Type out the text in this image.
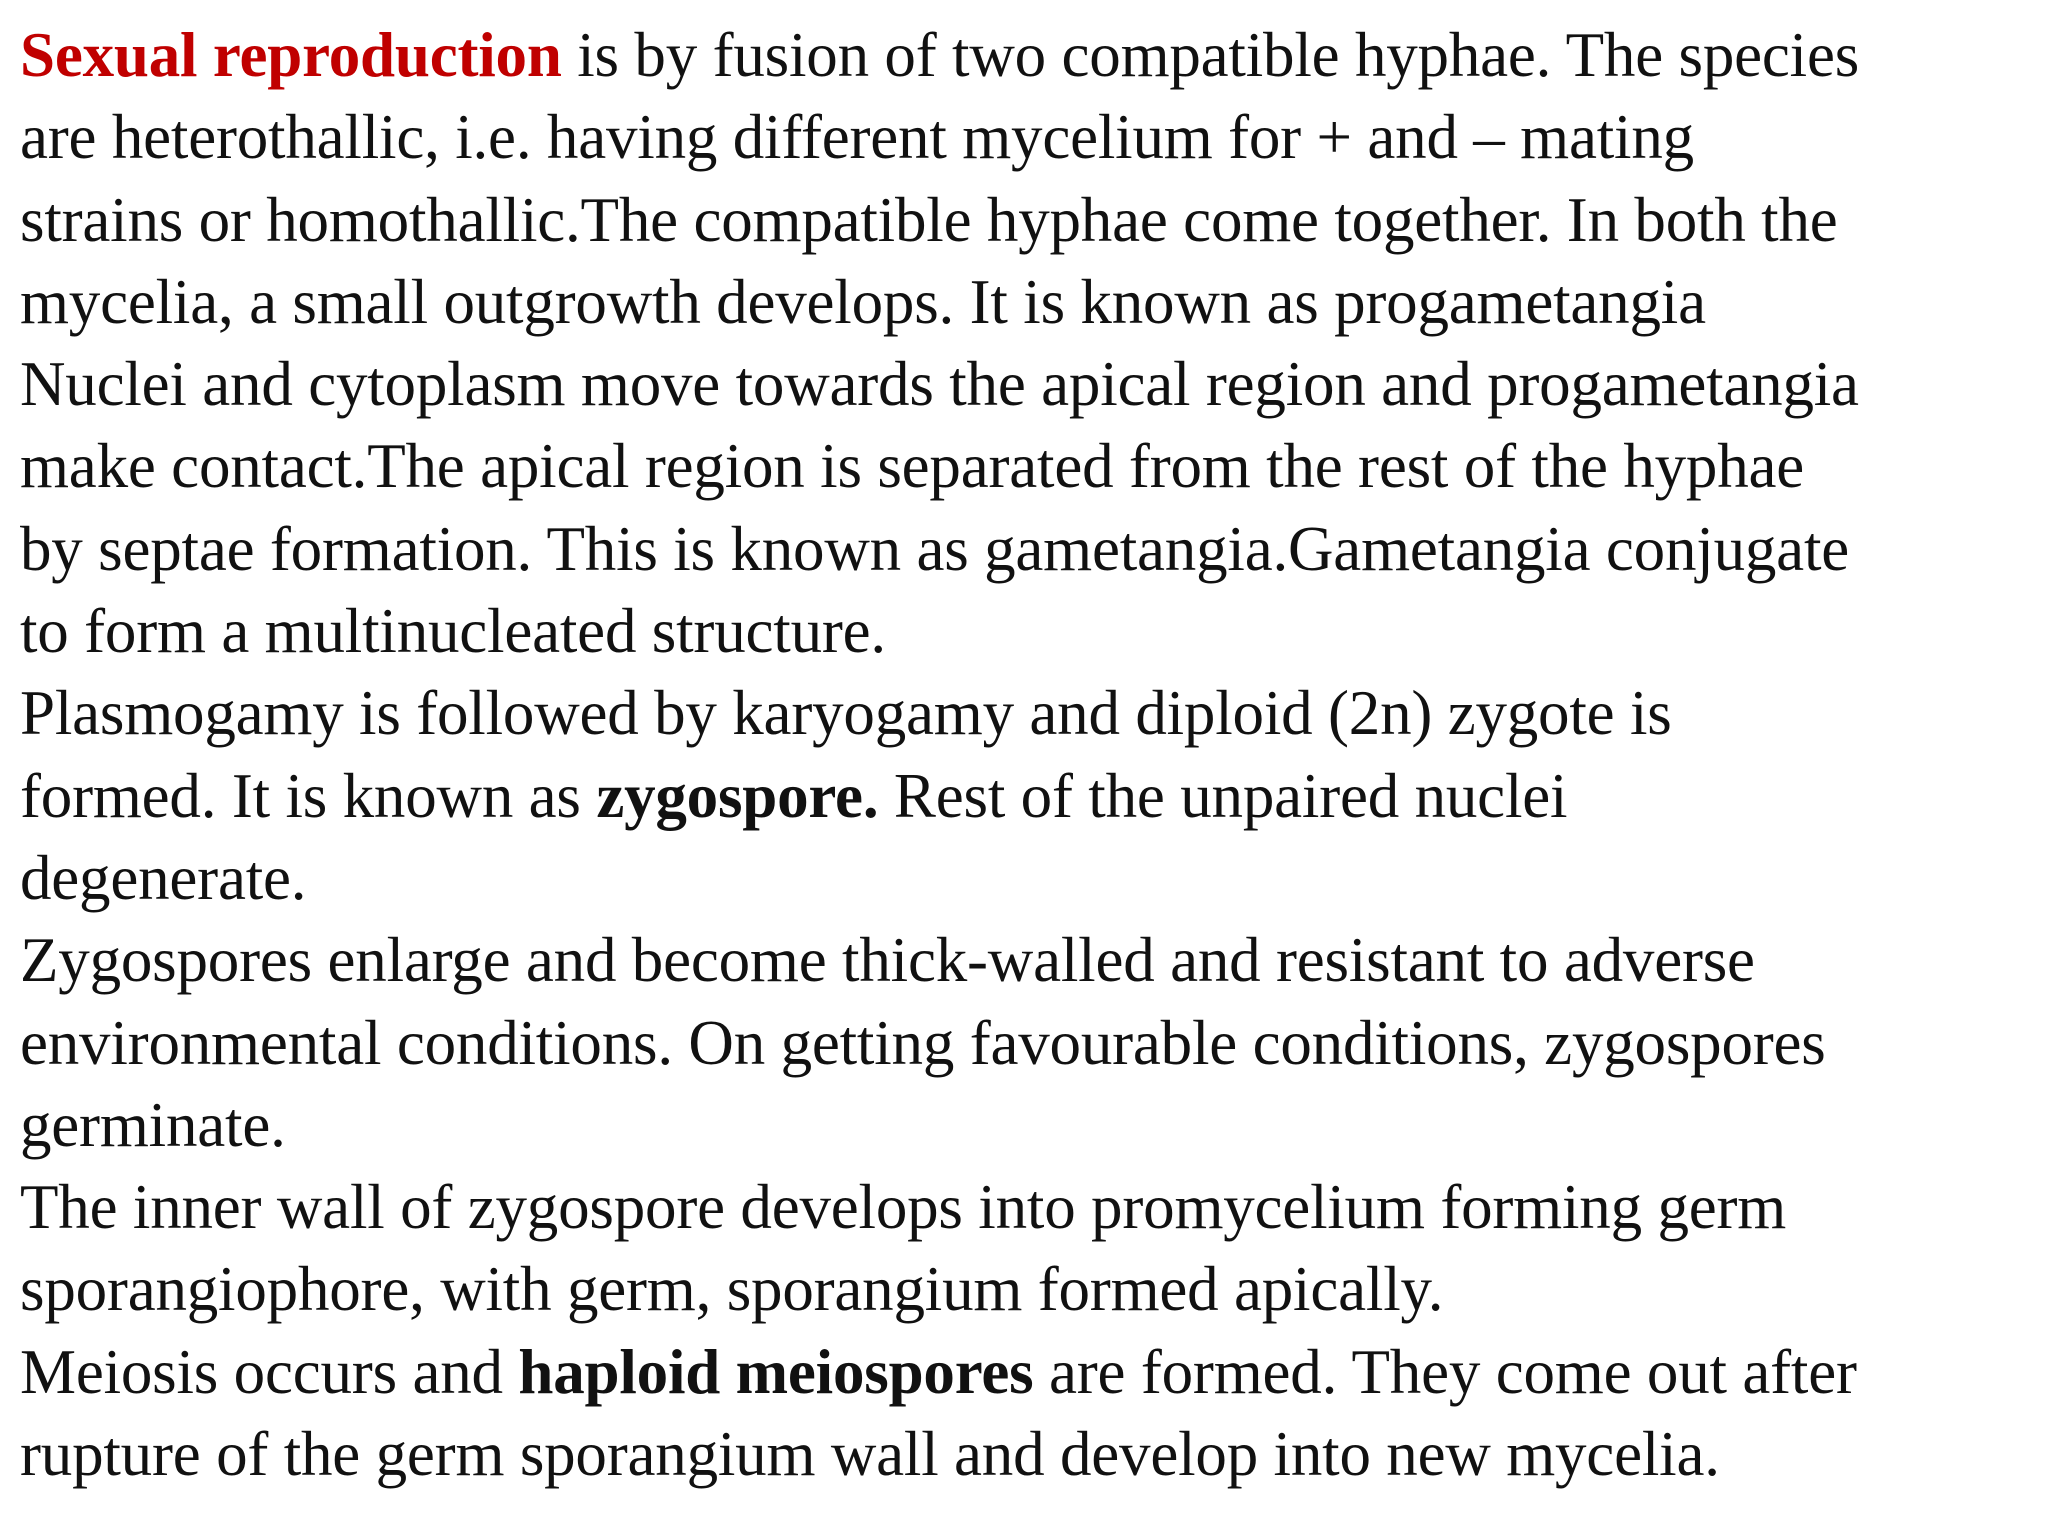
Sexual reproduction is by fusion of two compatible hyphae. The species
are heterothallic, i.e. having different mycelium for + and – mating
strains or homothallic.The compatible hyphae come together. In both the
mycelia, a small outgrowth develops. It is known as progametangia
Nuclei and cytoplasm move towards the apical region and progametangia
make contact.The apical region is separated from the rest of the hyphae
by septae formation. This is known as gametangia.Gametangia conjugate
to form a multinucleated structure.
Plasmogamy is followed by karyogamy and diploid (2n) zygote is
formed. It is known as zygospore. Rest of the unpaired nuclei
degenerate.
Zygospores enlarge and become thick-walled and resistant to adverse
environmental conditions. On getting favourable conditions, zygospores
germinate.
The inner wall of zygospore develops into promycelium forming germ
sporangiophore, with germ, sporangium formed apically.
Meiosis occurs and haploid meiospores are formed. They come out after
rupture of the germ sporangium wall and develop into new mycelia.
